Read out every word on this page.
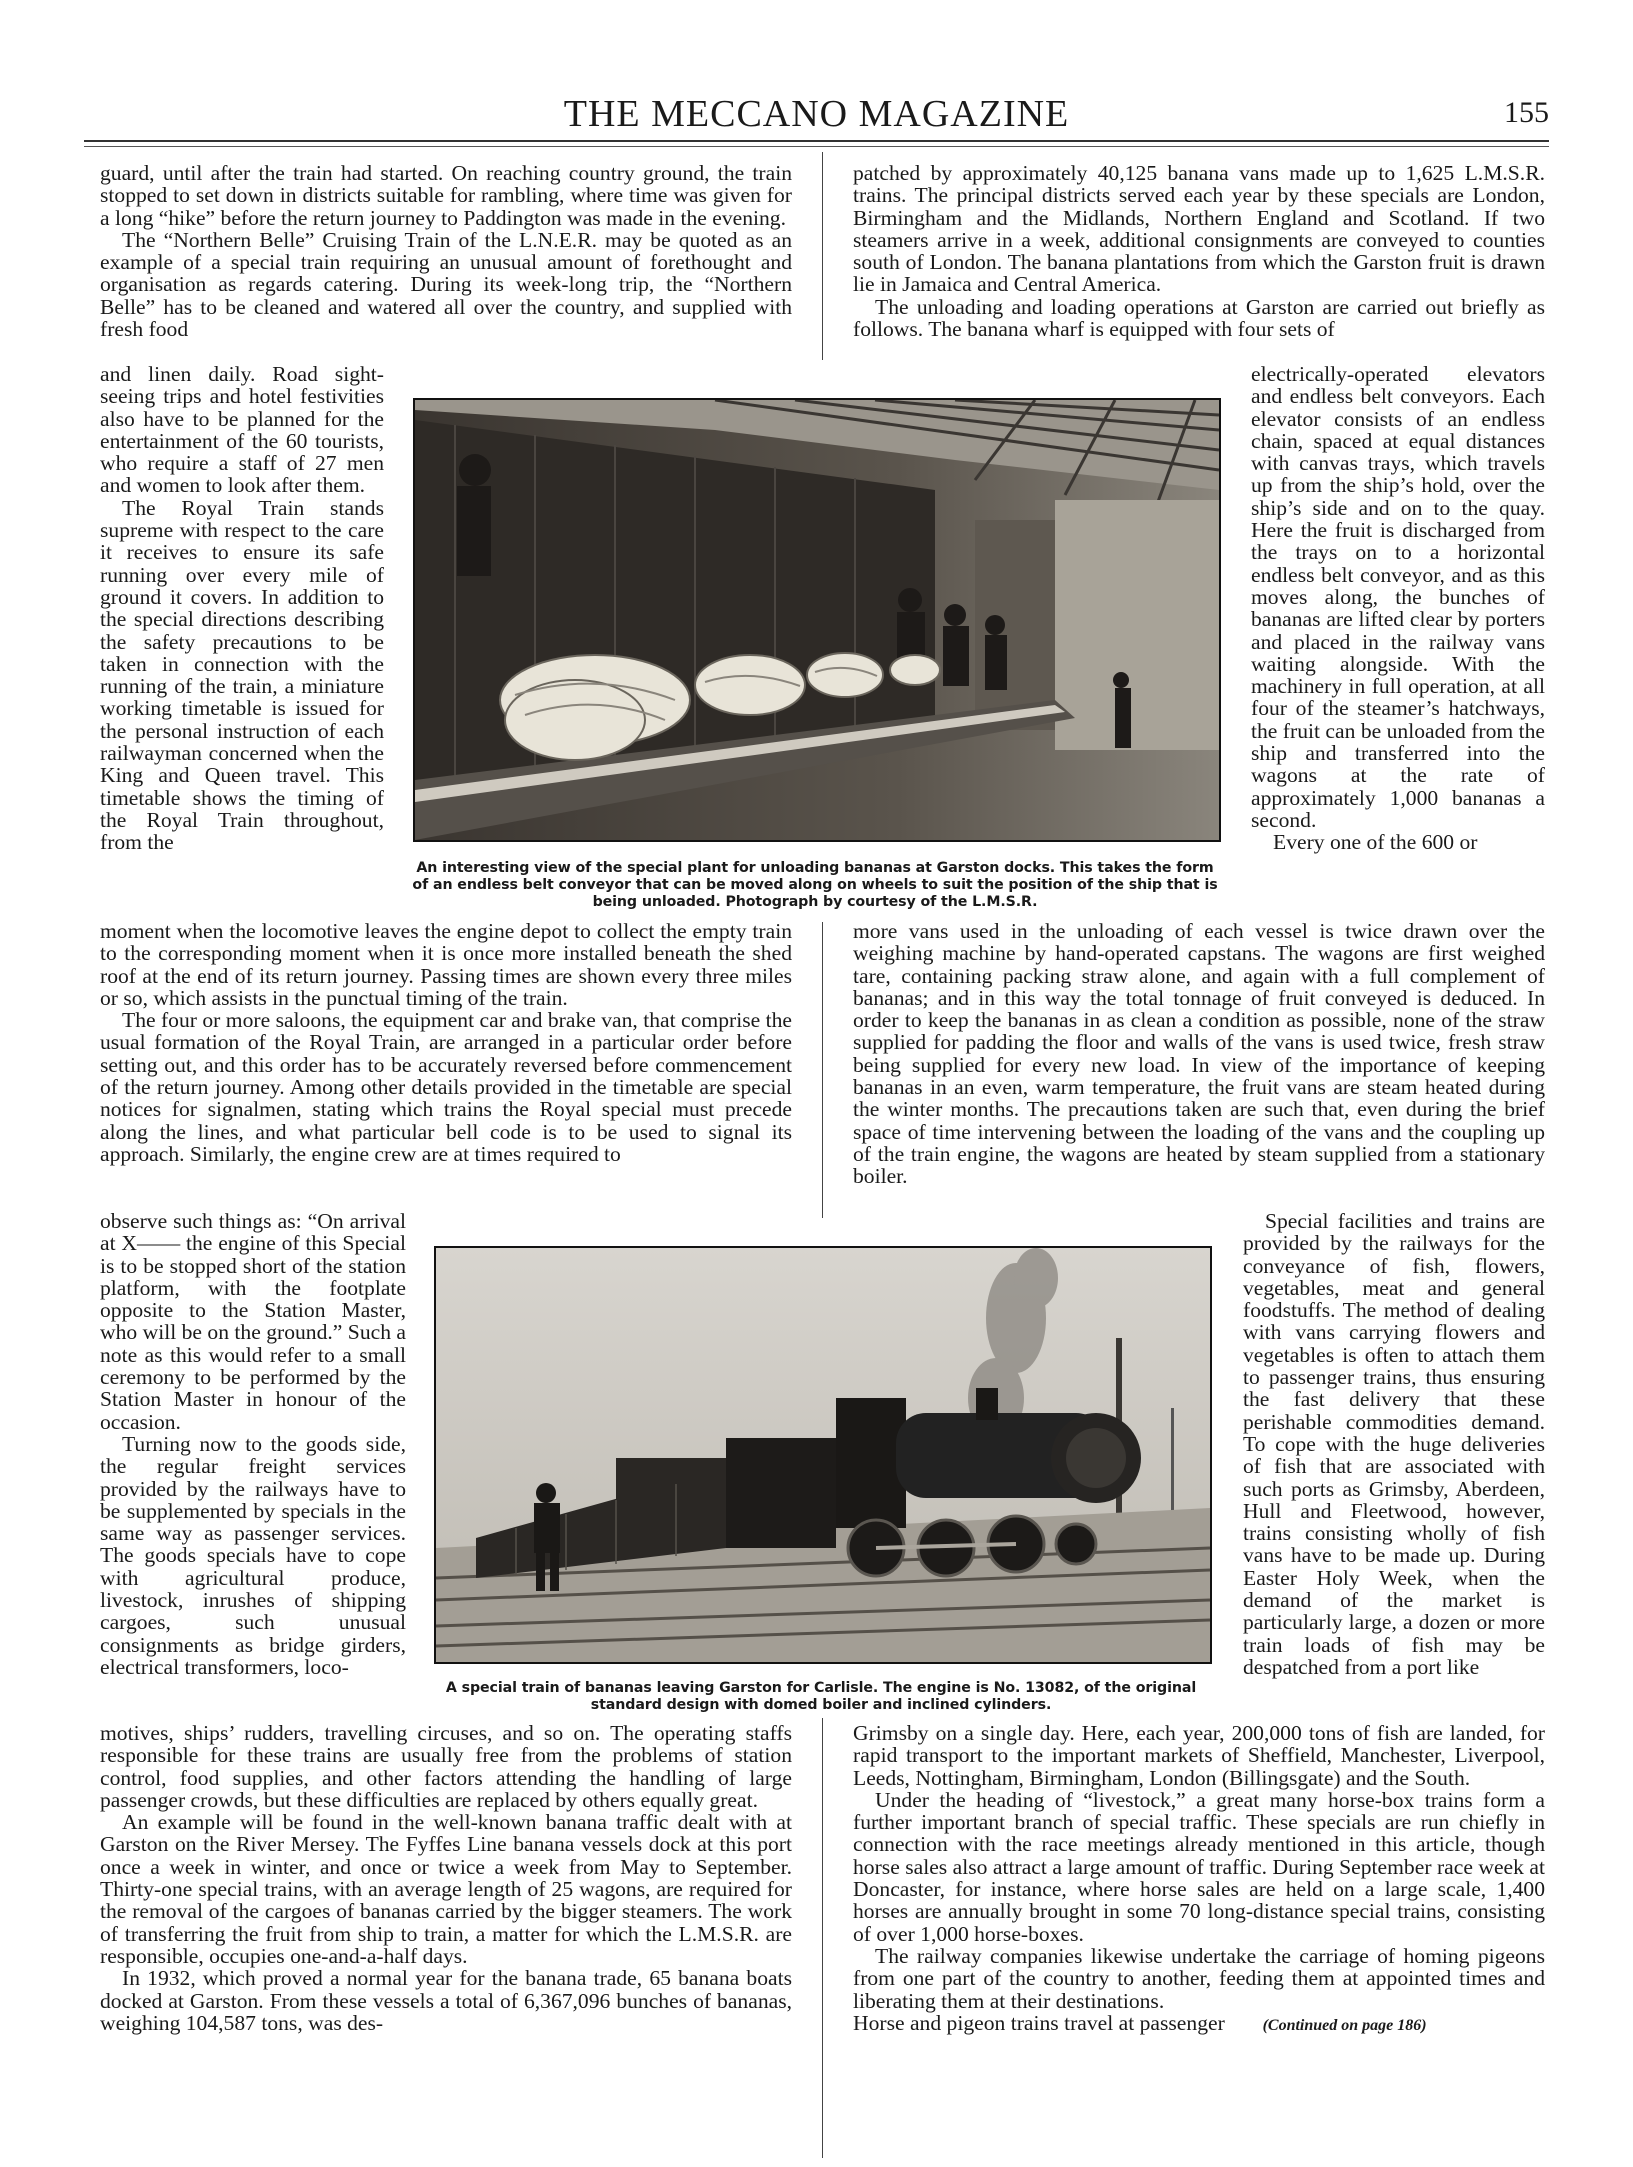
THE MECCANO MAGAZINE	155

guard, until after the train had started. On reaching country ground, the train stopped to set down in districts suitable for rambling, where time was given for a long “hike” before the return journey to Paddington was made in the evening.

The “Northern Belle” Cruising Train of the L.N.E.R. may be quoted as an example of a special train requiring an unusual amount of forethought and organisation as regards catering. During its week-long trip, the “Northern Belle” has to be cleaned and watered all over the country, and supplied with fresh food

and linen daily. Road sight-seeing trips and hotel festivities also have to be planned for the entertainment of the 60 tourists, who require a staff of 27 men and women to look after them.

The Royal Train stands supreme with respect to the care it receives to ensure its safe running over every mile of ground it covers. In addition to the special directions describing the safety precautions to be taken in connection with the running of the train, a miniature working timetable is issued for the personal instruction of each railwayman concerned when the King and Queen travel. This timetable shows the timing of the Royal Train throughout, from the

moment when the locomotive leaves the engine depot to collect the empty train to the corresponding moment when it is once more installed beneath the shed roof at the end of its return journey. Passing times are shown every three miles or so, which assists in the punctual timing of the train.

The four or more saloons, the equipment car and brake van, that comprise the usual formation of the Royal Train, are arranged in a particular order before setting out, and this order has to be accurately reversed before commencement of the return journey. Among other details provided in the timetable are special notices for signalmen, stating which trains the Royal special must precede along the lines, and what particular bell code is to be used to signal its approach. Similarly, the engine crew are at times required to

observe such things as: “On arrival at X—— the engine of this Special is to be stopped short of the station platform, with the footplate opposite to the Station Master, who will be on the ground.” Such a note as this would refer to a small ceremony to be performed by the Station Master in honour of the occasion.

Turning now to the goods side, the regular freight services provided by the railways have to be supplemented by specials in the same way as passenger services. The goods specials have to cope with agricultural produce, livestock, inrushes of shipping cargoes, such unusual consignments as bridge girders, electrical transformers, loco-

motives, ships’ rudders, travelling circuses, and so on. The operating staffs responsible for these trains are usually free from the problems of station control, food supplies, and other factors attending the handling of large passenger crowds, but these difficulties are replaced by others equally great.

An example will be found in the well-known banana traffic dealt with at Garston on the River Mersey. The Fyffes Line banana vessels dock at this port once a week in winter, and once or twice a week from May to September. Thirty-one special trains, with an average length of 25 wagons, are required for the removal of the cargoes of bananas carried by the bigger steamers. The work of transferring the fruit from ship to train, a matter for which the L.M.S.R. are responsible, occupies one-and-a-half days.

In 1932, which proved a normal year for the banana trade, 65 banana boats docked at Garston. From these vessels a total of 6,367,096 bunches of bananas, weighing 104,587 tons, was des-

patched by approximately 40,125 banana vans made up to 1,625 L.M.S.R. trains. The principal districts served each year by these specials are London, Birmingham and the Midlands, Northern England and Scotland. If two steamers arrive in a week, additional consignments are conveyed to counties south of London. The banana plantations from which the Garston fruit is drawn lie in Jamaica and Central America.

The unloading and loading operations at Garston are carried out briefly as follows. The banana wharf is equipped with four sets of

electrically-operated elevators and endless belt conveyors. Each elevator consists of an endless chain, spaced at equal distances with canvas trays, which travels up from the ship’s hold, over the ship’s side and on to the quay. Here the fruit is discharged from the trays on to a horizontal endless belt conveyor, and as this moves along, the bunches of bananas are lifted clear by porters and placed in the railway vans waiting alongside. With the machinery in full operation, at all four of the steamer’s hatchways, the fruit can be unloaded from the ship and transferred into the wagons at the rate of approximately 1,000 bananas a second.

Every one of the 600 or

more vans used in the unloading of each vessel is twice drawn over the weighing machine by hand-operated capstans. The wagons are first weighed tare, containing packing straw alone, and again with a full complement of bananas; and in this way the total tonnage of fruit conveyed is deduced. In order to keep the bananas in as clean a condition as possible, none of the straw supplied for padding the floor and walls of the vans is used twice, fresh straw being supplied for every new load. In view of the importance of keeping bananas in an even, warm temperature, the fruit vans are steam heated during the winter months. The precautions taken are such that, even during the brief space of time intervening between the loading of the vans and the coupling up of the train engine, the wagons are heated by steam supplied from a stationary boiler.

Special facilities and trains are provided by the railways for the conveyance of fish, flowers, vegetables, meat and general foodstuffs. The method of dealing with vans carrying flowers and vegetables is often to attach them to passenger trains, thus ensuring the fast delivery that these perishable commodities demand. To cope with the huge deliveries of fish that are associated with such ports as Grimsby, Aberdeen, Hull and Fleetwood, however, trains consisting wholly of fish vans have to be made up. During Easter Holy Week, when the demand of the market is particularly large, a dozen or more train loads of fish may be despatched from a port like

Grimsby on a single day. Here, each year, 200,000 tons of fish are landed, for rapid transport to the important markets of Sheffield, Manchester, Liverpool, Leeds, Nottingham, Birmingham, London (Billingsgate) and the South.

Under the heading of “livestock,” a great many horse-box trains form a further important branch of special traffic. These specials are run chiefly in connection with the race meetings already mentioned in this article, though horse sales also attract a large amount of traffic. During September race week at Doncaster, for instance, where horse sales are held on a large scale, 1,400 horses are annually brought in some 70 long-distance special trains, consisting of over 1,000 horse-boxes.

The railway companies likewise undertake the carriage of homing pigeons from one part of the country to another, feeding them at appointed times and liberating them at their destinations.

Horse and pigeon trains travel at passenger (Continued on page 186)

An interesting view of the special plant for unloading bananas at Garston docks. This takes the form of an endless belt conveyor that can be moved along on wheels to suit the position of the ship that is being unloaded. Photograph by courtesy of the L.M.S.R.
A special train of bananas leaving Garston for Carlisle. The engine is No. 13082, of the original standard design with domed boiler and inclined cylinders.
